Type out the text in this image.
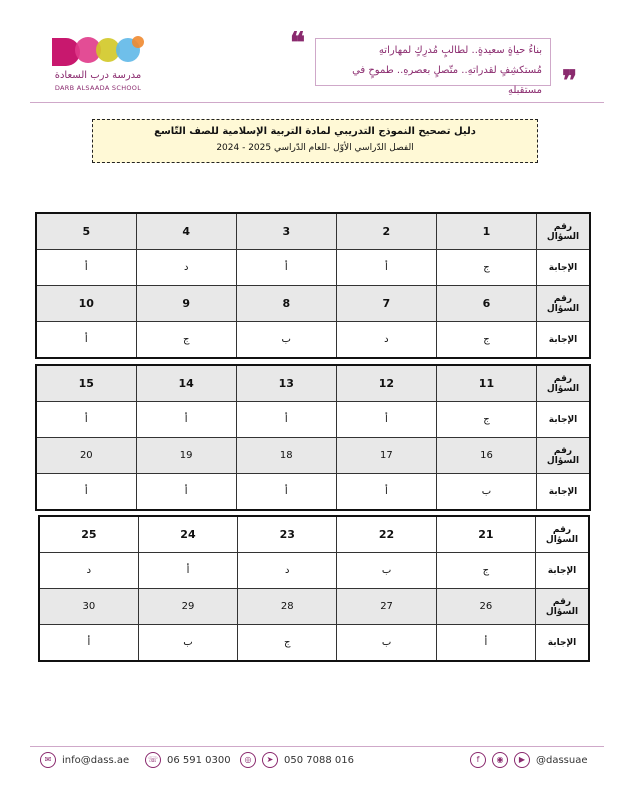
مدرسة درب السعادة
DARB ALSAADA SCHOOL
❝	بناءُ حياةٍ سعيدةٍ.. لطالبٍ مُدرِكٍ لمهاراتهِ
مُستكشِفٍ لقدراتهِ.. متّصلٍ بعصرهِ.. طموحٍ في مستقبلهِ ❞
دليل تصحيح النموذج التدريبي لمادة التربية الإسلامية للصف التّاسع
الفصل الدّراسي الأوّل -للعام الدّراسي 2025 - 2024
رقم السؤال	1	2	3	4	5
الإجابة	ج	أ	أ	د	أ
رقم السؤال	6	7	8	9	10
الإجابة	ج	د	ب	ج	أ
رقم السؤال	11	12	13	14	15
الإجابة	ج	أ	أ	أ	أ
رقم السؤال	16	17	18	19	20
الإجابة	ب	أ	أ	أ	أ
رقم السؤال	21	22	23	24	25
الإجابة	ج	ب	د	أ	د
رقم السؤال	26	27	28	29	30
الإجابة	أ	ب	ج	ب	أ
✉	info@dass.ae	☏ 06 591 0300	◎	➤	050 7088 016	f	◉	▶	@dassuae
